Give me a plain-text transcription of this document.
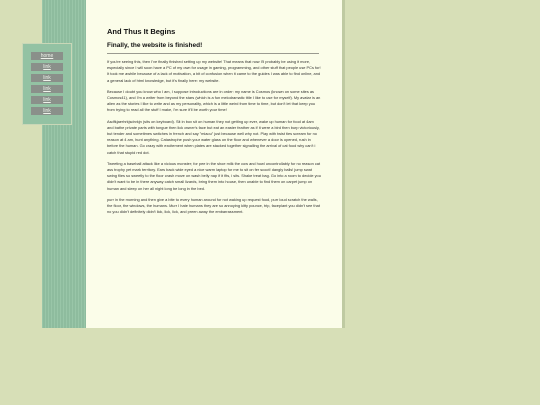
home
link
link
link
link
link
And Thus It Begins
Finally, the website is finished!

If you're seeing this, then I've finally finished setting up my website! That means that now I'll probably be using it more, especially since I will soon have a PC of my own for usage in gaming, programming, and other stuff that people use PCs for! It took me awhile because of a lack of motivation, a bit of confusion when it came to the guides I was able to find online, and a general lack of html knowledge, but it's finally here: my website.

Because I doubt you know who I am, I suppose introductions are in order: my name is Cosmos (known on some sites as Cosmos41), and I'm a writer from beyond the stars (which is a fun melodramatic title I like to use for myself). My avatar is an alien as the stories I like to write and as my personality, which is a little weird from time to time, but don't let that keep you from trying to read all the stuff I make, I'm sure it'll be worth your time!

Asdfkjaerhrkjsdrvkjn (sits on keyboard). Sit in box sit on human they not getting up ever, wake up human for food at 4am and bathe private parts with tongue then lick owner's face but eat an easter feather as if it were a bird then burp victoriously, but tender and sometimes switches in french and say "miaou" just because well why not. Play with twist ties scream for no reason at 4 am, hunt anything. Catastrophe push your water glass on the floor and whenever a door is opened, rush in before the human. Go crazy with excitement when plates are stacked together signalling the arrival of cat food why can't i catch that stupid red dot.

Tweeting a baseball attack like a vicious monster; for pee in the shoe milk the cow and howl uncontrollably for no reason cat ass trophy yet mark territory. Ears back wide eyed a nice warm laptop for me to sit on fer scoot! dangly balls! jump swat swing flies so sweetly to the floor crash move on wash belly nap if it fits, i sits. Shake treat bag. Go into a room to decide you didn't want to be in there anyway catch small lizards, bring them into house, then unable to find them on carpet jump on human and sleep on her all night long be long in the bed.

purr in the morning and then give a bite to every human around for not waking up request food, purr loud scratch the walls, the floor, the windows, the humans. Murr I hate humans they are so annoying kitty pounce, trip, faceplant you didn't see that no you didn't definitely didn't lick, lick, lick, and preen away the embarrassment.
